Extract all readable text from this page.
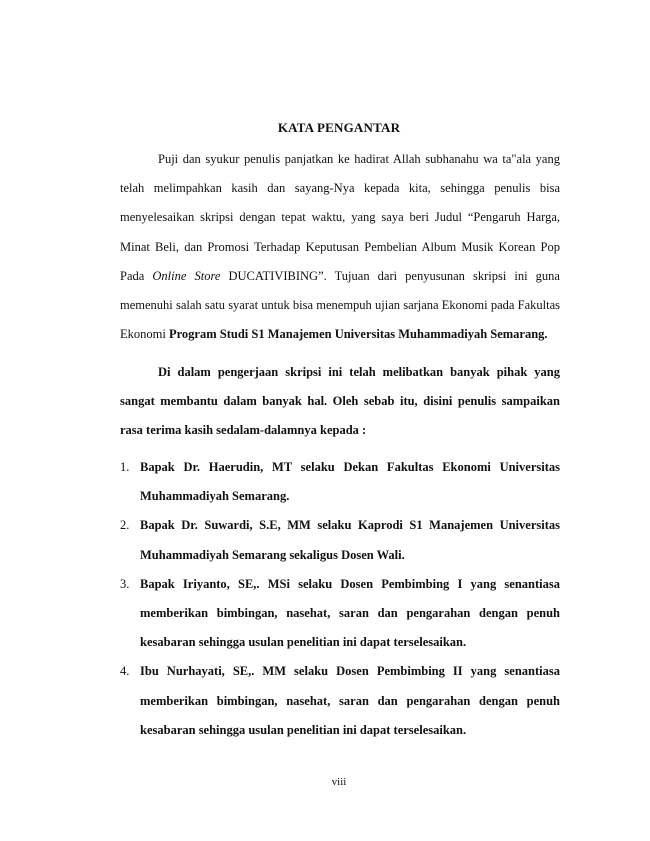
KATA PENGANTAR

Puji dan syukur penulis panjatkan ke hadirat Allah subhanahu wa ta"ala yang telah melimpahkan kasih dan sayang-Nya kepada kita, sehingga penulis bisa menyelesaikan skripsi dengan tepat waktu, yang saya beri Judul “Pengaruh Harga, Minat Beli, dan Promosi Terhadap Keputusan Pembelian Album Musik Korean Pop Pada Online Store DUCATIVIBING”. Tujuan dari penyusunan skripsi ini guna memenuhi salah satu syarat untuk bisa menempuh ujian sarjana Ekonomi pada Fakultas Ekonomi Program Studi S1 Manajemen Universitas Muhammadiyah Semarang.

Di dalam pengerjaan skripsi ini telah melibatkan banyak pihak yang sangat membantu dalam banyak hal. Oleh sebab itu, disini penulis sampaikan rasa terima kasih sedalam-dalamnya kepada :

1. Bapak Dr. Haerudin, MT selaku Dekan Fakultas Ekonomi Universitas Muhammadiyah Semarang.
2. Bapak Dr. Suwardi, S.E, MM selaku Kaprodi S1 Manajemen Universitas Muhammadiyah Semarang sekaligus Dosen Wali.
3. Bapak Iriyanto, SE,. MSi selaku Dosen Pembimbing I yang senantiasa memberikan bimbingan, nasehat, saran dan pengarahan dengan penuh kesabaran sehingga usulan penelitian ini dapat terselesaikan.
4. Ibu Nurhayati, SE,. MM selaku Dosen Pembimbing II yang senantiasa memberikan bimbingan, nasehat, saran dan pengarahan dengan penuh kesabaran sehingga usulan penelitian ini dapat terselesaikan.
viii
